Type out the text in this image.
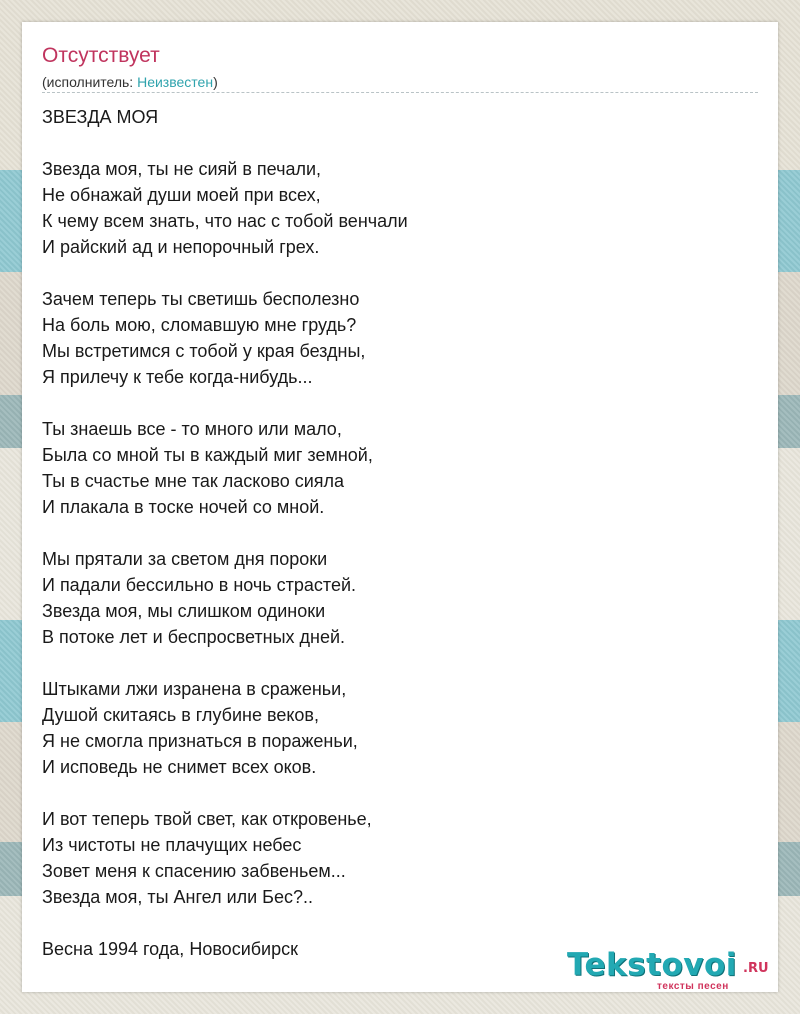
Отсутствует
(исполнитель: Неизвестен)
ЗВЕЗДА МОЯ
Звезда моя, ты не сияй в печали,
Не обнажай души моей при всех,
К чему всем знать, что нас с тобой венчали
И райский ад и непорочный грех.
Зачем теперь ты светишь бесполезно
На боль мою, сломавшую мне грудь?
Мы встретимся с тобой у края бездны,
Я прилечу к тебе когда-нибудь...
Ты знаешь все - то много или мало,
Была со мной ты в каждый миг земной,
Ты в счастье мне так ласково сияла
И плакала в тоске ночей со мной.
Мы прятали за светом дня пороки
И падали бессильно в ночь страстей.
Звезда моя, мы слишком одиноки
В потоке лет и беспросветных дней.
Штыками лжи изранена в сраженьи,
Душой скитаясь в глубине веков,
Я не смогла признаться в пораженьи,
И исповедь не снимет всех оков.
И вот теперь твой свет, как откровенье,
Из чистоты не плачущих небес
Зовет меня к спасению забвеньем...
Звезда моя, ты Ангел или Бес?..
Весна 1994 года, Новосибирск	Tekstovoi .RU
тексты песен
